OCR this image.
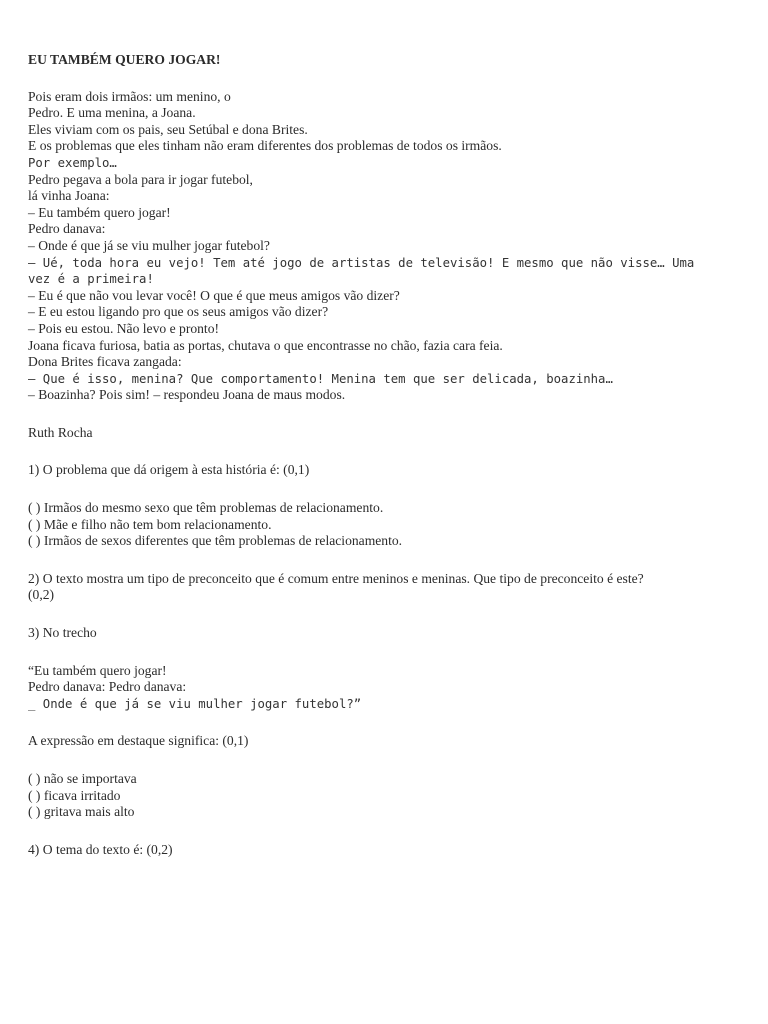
EU TAMBÉM QUERO JOGAR!
Pois eram dois irmãos: um menino, o
Pedro. E uma menina, a Joana.
Eles viviam com os pais, seu Setúbal e dona Brites.
E os problemas que eles tinham não eram diferentes dos problemas de todos os irmãos.
Por exemplo…
Pedro pegava a bola para ir jogar futebol,
lá vinha Joana:
– Eu também quero jogar!
Pedro danava:
– Onde é que já se viu mulher jogar futebol?
– Ué, toda hora eu vejo! Tem até jogo de artistas de televisão! E mesmo que não visse… Uma
vez é a primeira!
– Eu é que não vou levar você! O que é que meus amigos vão dizer?
– E eu estou ligando pro que os seus amigos vão dizer?
– Pois eu estou. Não levo e pronto!
Joana ficava furiosa, batia as portas, chutava o que encontrasse no chão, fazia cara feia.
Dona Brites ficava zangada:
– Que é isso, menina? Que comportamento! Menina tem que ser delicada, boazinha…
– Boazinha? Pois sim! – respondeu Joana de maus modos.
Ruth Rocha
1) O problema que dá origem à esta história é: (0,1)
( ) Irmãos do mesmo sexo que têm problemas de relacionamento.
( ) Mãe e filho não tem bom relacionamento.
( ) Irmãos de sexos diferentes que têm problemas de relacionamento.
2) O texto mostra um tipo de preconceito que é comum entre meninos e meninas. Que tipo de preconceito é este?
(0,2)
3) No trecho
“Eu também quero jogar!
Pedro danava: Pedro danava:
_ Onde é que já se viu mulher jogar futebol?”
A expressão em destaque significa: (0,1)
( ) não se importava
( ) ficava irritado
( ) gritava mais alto
4) O tema do texto é: (0,2)
